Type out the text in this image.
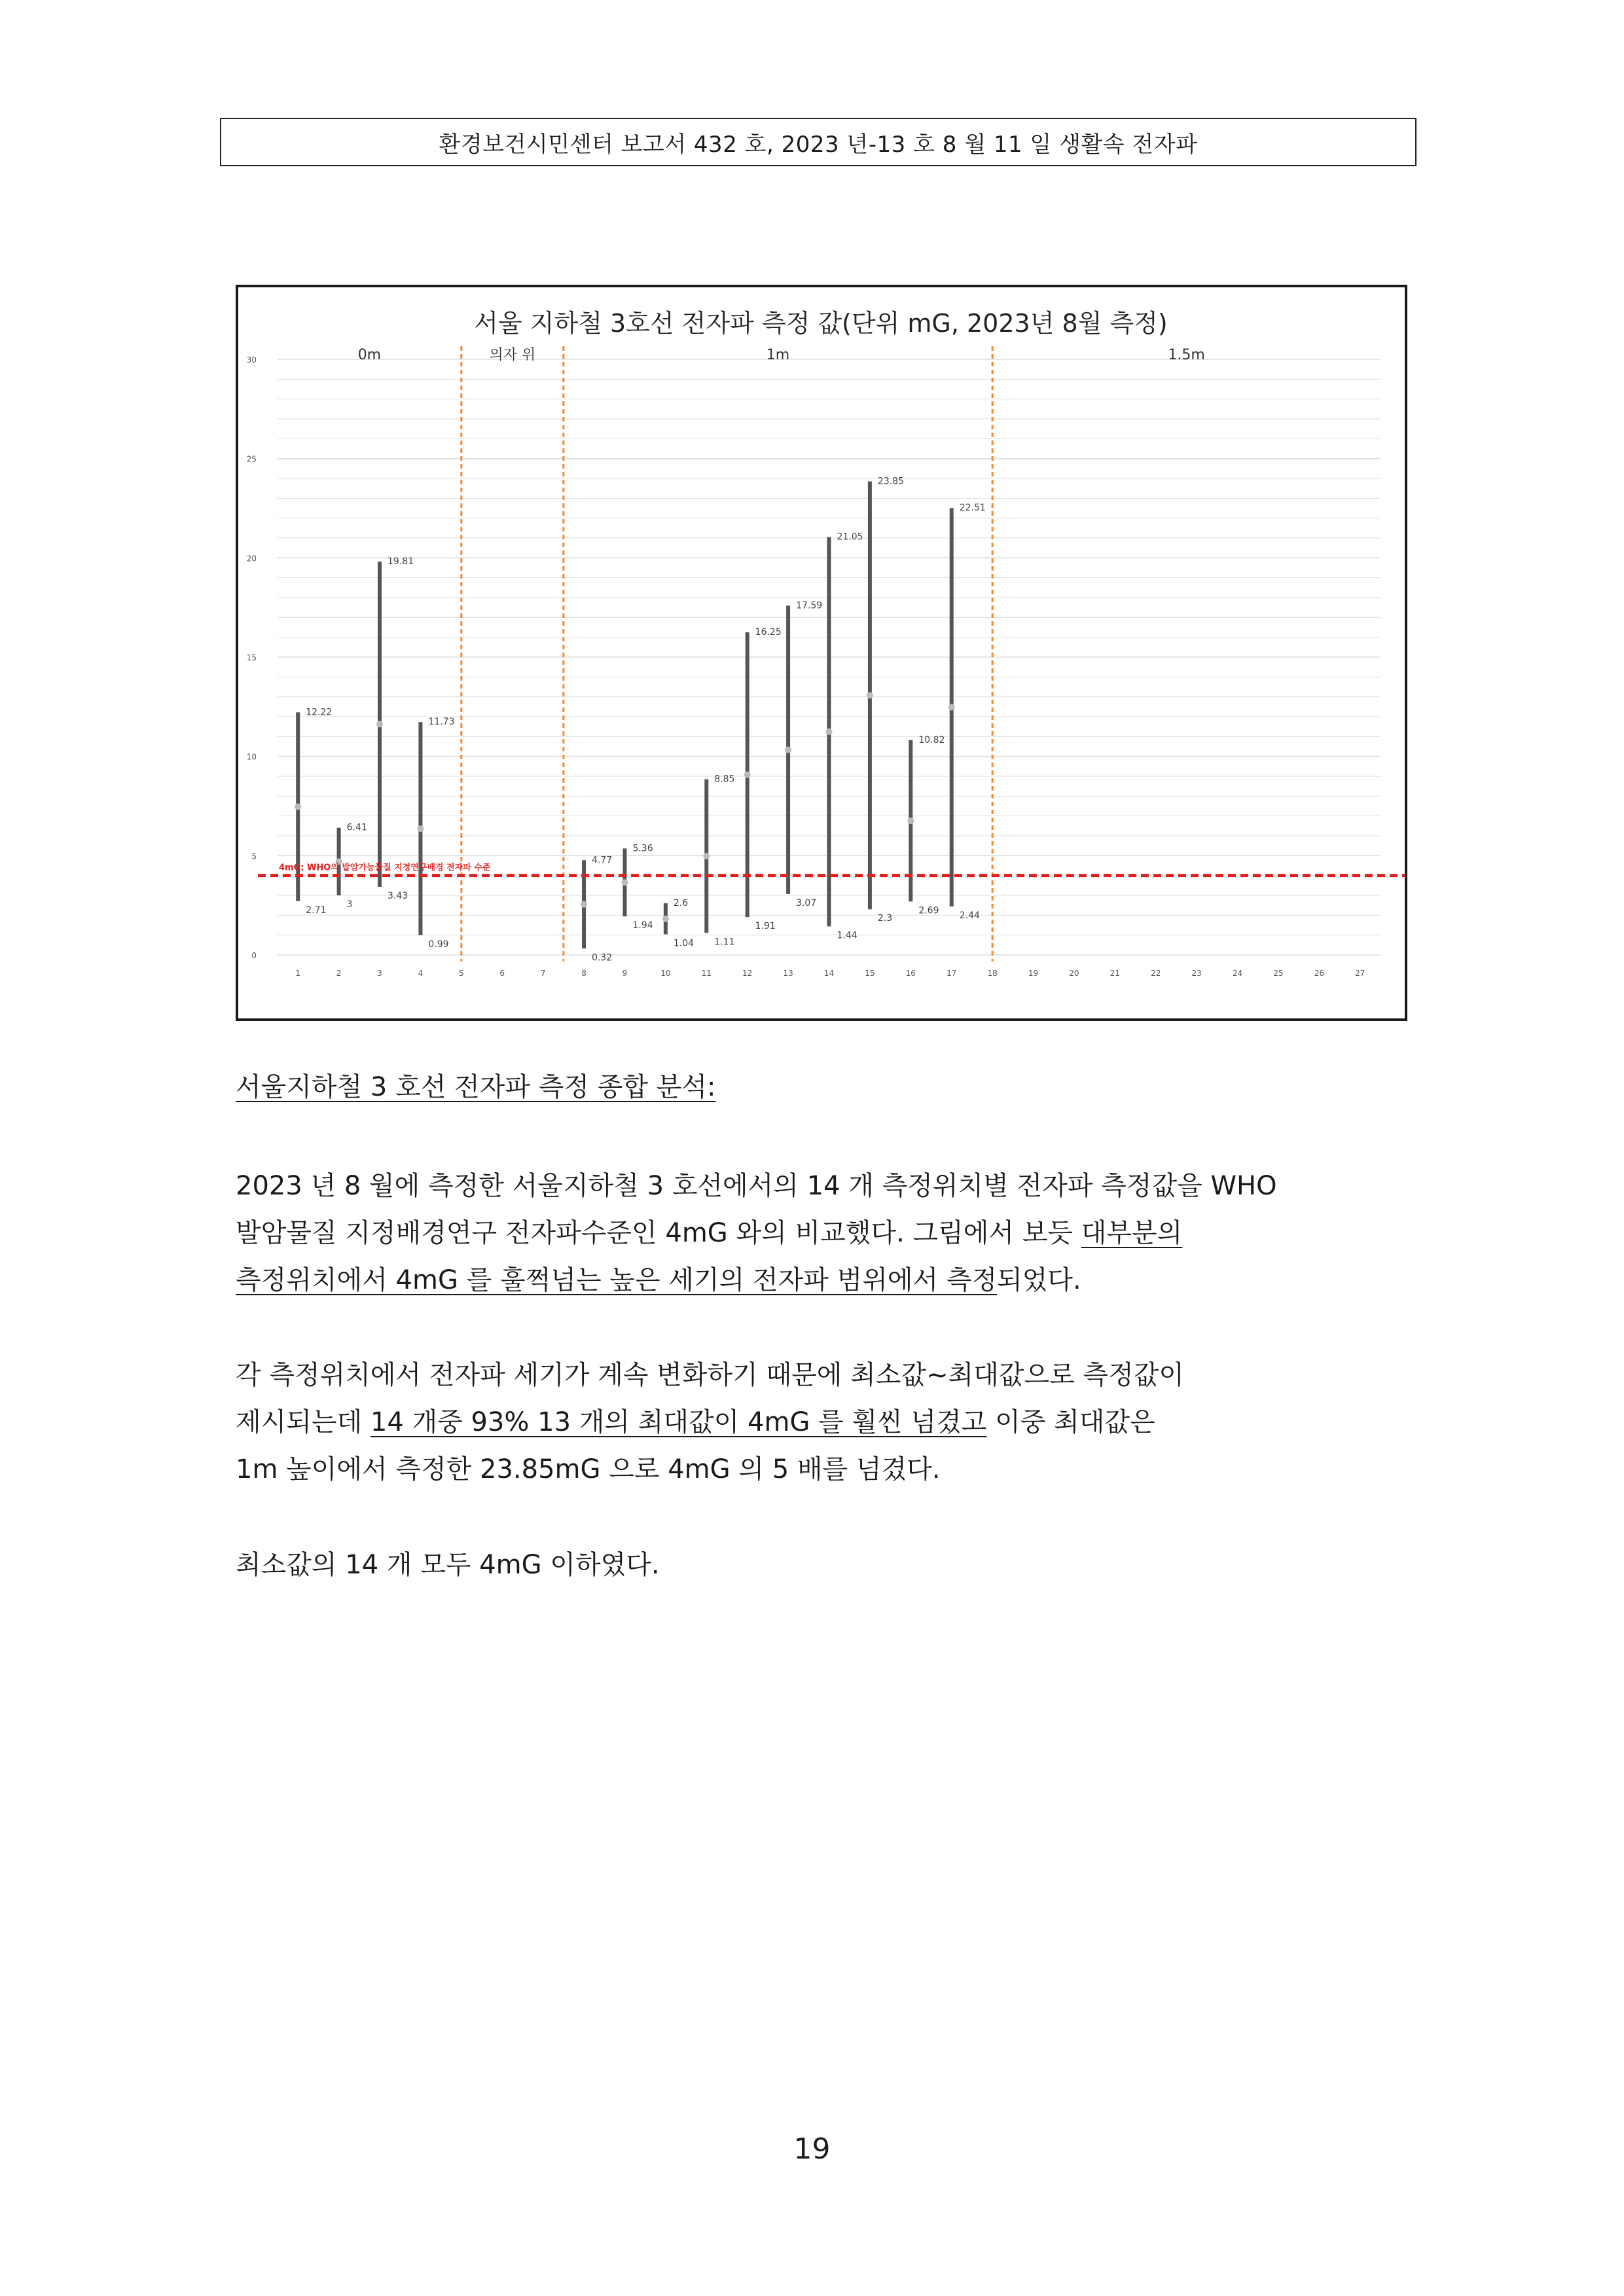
환경보건시민센터 보고서 432 호, 2023 년-13 호 8 월 11 일 생활속 전자파
서울 지하철 3호선 전자파 측정 값(단위 mG, 2023년 8월 측정)
0
5
10
15
20
25
30
1	2	3	4	5	6	7	8	9	10	11	12	13	14	15	16	17	18	19	20	21	22	23	24	25	26	27
0m	의자 위	1m	1.5m
12.22
2.71
6.41
3
19.81
3.43
11.73
0.99
4.77
0.32
5.36
1.94
2.6
1.04
8.85
1.11
16.25
1.91
17.59
3.07
21.05
1.44
23.85
2.3
10.82
2.69
22.51
2.44
4mG: WHO의 발암가능물질 지정연구배경 전자파 수준
서울지하철 3 호선 전자파 측정 종합 분석:
2023 년 8 월에 측정한 서울지하철 3 호선에서의 14 개 측정위치별 전자파 측정값을 WHO
발암물질 지정배경연구 전자파수준인 4mG 와의 비교했다. 그림에서 보듯 대부분의
측정위치에서 4mG 를 훌쩍넘는 높은 세기의 전자파 범위에서 측정되었다.
각 측정위치에서 전자파 세기가 계속 변화하기 때문에 최소값~최대값으로 측정값이
제시되는데 14 개중 93% 13 개의 최대값이 4mG 를 훨씬 넘겼고 이중 최대값은
1m 높이에서 측정한 23.85mG 으로 4mG 의 5 배를 넘겼다.
최소값의 14 개 모두 4mG 이하였다.
19
